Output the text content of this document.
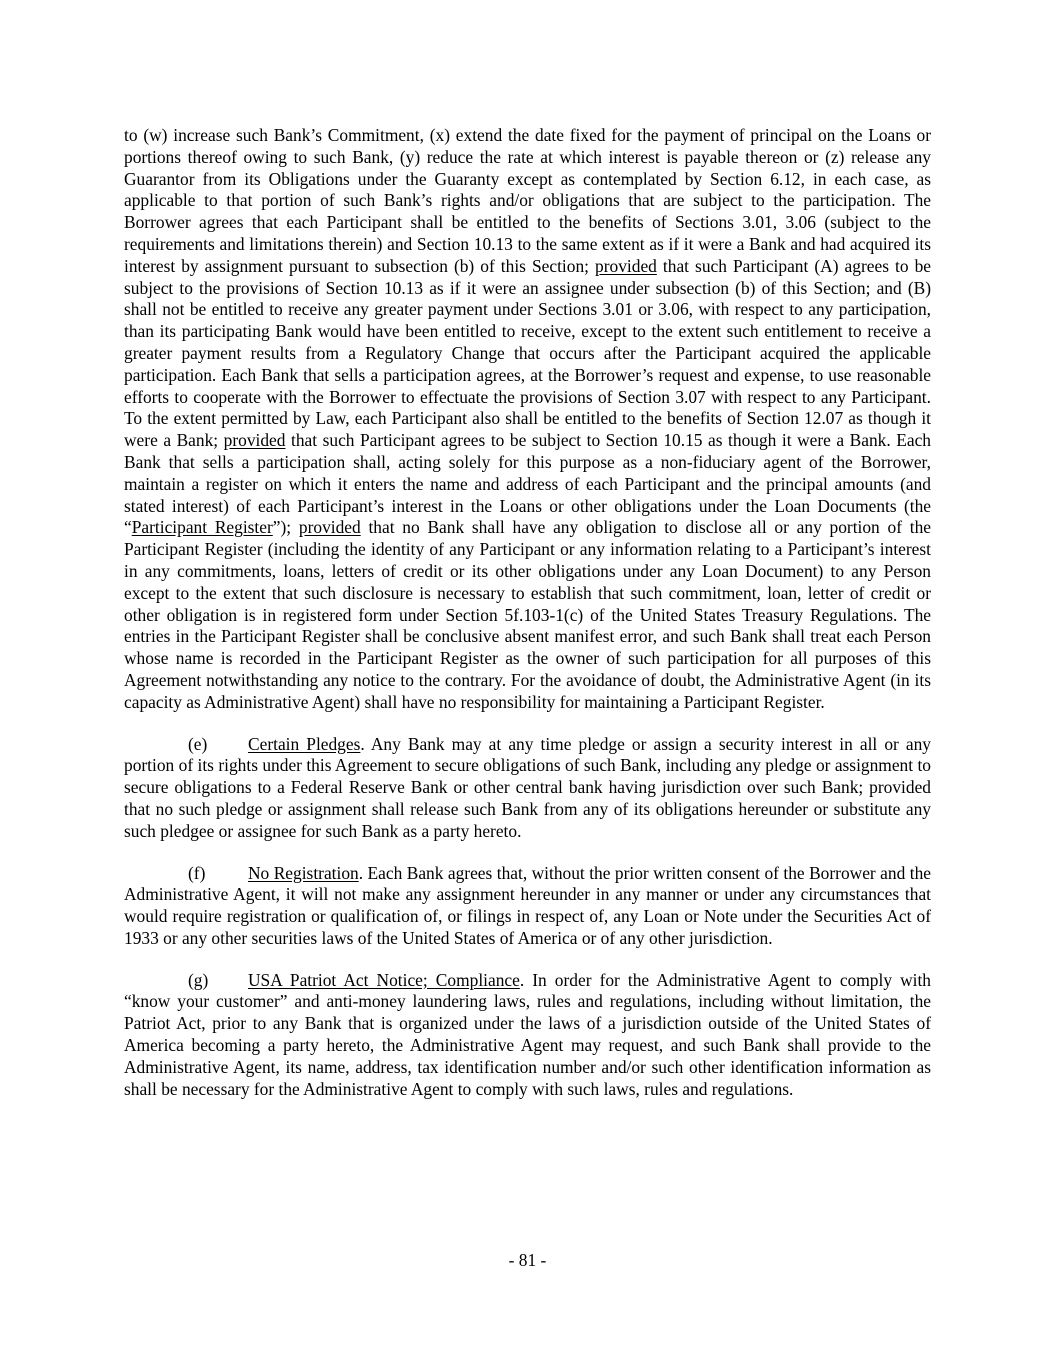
to (w) increase such Bank’s Commitment, (x) extend the date fixed for the payment of principal on the Loans or portions thereof owing to such Bank, (y) reduce the rate at which interest is payable thereon or (z) release any Guarantor from its Obligations under the Guaranty except as contemplated by Section 6.12, in each case, as applicable to that portion of such Bank’s rights and/or obligations that are subject to the participation. The Borrower agrees that each Participant shall be entitled to the benefits of Sections 3.01, 3.06 (subject to the requirements and limitations therein) and Section 10.13 to the same extent as if it were a Bank and had acquired its interest by assignment pursuant to subsection (b) of this Section; provided that such Participant (A) agrees to be subject to the provisions of Section 10.13 as if it were an assignee under subsection (b) of this Section; and (B) shall not be entitled to receive any greater payment under Sections 3.01 or 3.06, with respect to any participation, than its participating Bank would have been entitled to receive, except to the extent such entitlement to receive a greater payment results from a Regulatory Change that occurs after the Participant acquired the applicable participation. Each Bank that sells a participation agrees, at the Borrower’s request and expense, to use reasonable efforts to cooperate with the Borrower to effectuate the provisions of Section 3.07 with respect to any Participant. To the extent permitted by Law, each Participant also shall be entitled to the benefits of Section 12.07 as though it were a Bank; provided that such Participant agrees to be subject to Section 10.15 as though it were a Bank. Each Bank that sells a participation shall, acting solely for this purpose as a non-fiduciary agent of the Borrower, maintain a register on which it enters the name and address of each Participant and the principal amounts (and stated interest) of each Participant’s interest in the Loans or other obligations under the Loan Documents (the “Participant Register”); provided that no Bank shall have any obligation to disclose all or any portion of the Participant Register (including the identity of any Participant or any information relating to a Participant’s interest in any commitments, loans, letters of credit or its other obligations under any Loan Document) to any Person except to the extent that such disclosure is necessary to establish that such commitment, loan, letter of credit or other obligation is in registered form under Section 5f.103-1(c) of the United States Treasury Regulations. The entries in the Participant Register shall be conclusive absent manifest error, and such Bank shall treat each Person whose name is recorded in the Participant Register as the owner of such participation for all purposes of this Agreement notwithstanding any notice to the contrary. For the avoidance of doubt, the Administrative Agent (in its capacity as Administrative Agent) shall have no responsibility for maintaining a Participant Register.

(e) Certain Pledges. Any Bank may at any time pledge or assign a security interest in all or any portion of its rights under this Agreement to secure obligations of such Bank, including any pledge or assignment to secure obligations to a Federal Reserve Bank or other central bank having jurisdiction over such Bank; provided that no such pledge or assignment shall release such Bank from any of its obligations hereunder or substitute any such pledgee or assignee for such Bank as a party hereto.

(f) No Registration. Each Bank agrees that, without the prior written consent of the Borrower and the Administrative Agent, it will not make any assignment hereunder in any manner or under any circumstances that would require registration or qualification of, or filings in respect of, any Loan or Note under the Securities Act of 1933 or any other securities laws of the United States of America or of any other jurisdiction.

(g) USA Patriot Act Notice; Compliance. In order for the Administrative Agent to comply with “know your customer” and anti-money laundering laws, rules and regulations, including without limitation, the Patriot Act, prior to any Bank that is organized under the laws of a jurisdiction outside of the United States of America becoming a party hereto, the Administrative Agent may request, and such Bank shall provide to the Administrative Agent, its name, address, tax identification number and/or such other identification information as shall be necessary for the Administrative Agent to comply with such laws, rules and regulations.

- 81 -
